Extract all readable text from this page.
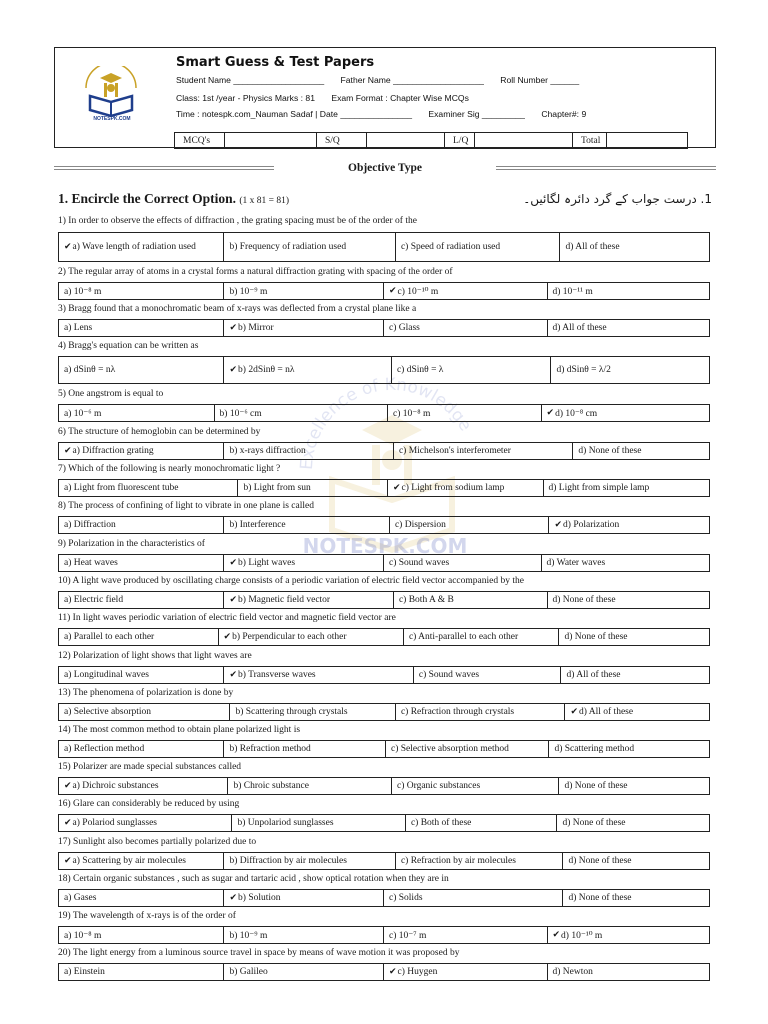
NOTESPK.COM
Smart Guess & Test Papers
Student Name ___________________ Father Name ___________________ Roll Number ______
Class: 1st /year - Physics Marks : 81 Exam Format : Chapter Wise MCQs
Time : notespk.com_Nauman Sadaf | Date _______________ Examiner Sig _________ Chapter#: 9
MCQ's		S/Q		L/Q		Total	
Objective Type
1. Encircle the Correct Option. (1 x 81 = 81)	1. درست جواب کے گرد دائرہ لگائیں۔
Excellence of Knowledge
NOTESPK.COM
1) In order to observe the effects of diffraction , the grating spacing must be of the order of the
✔ a) Wave length of radiation used	b) Frequency of radiation used	c) Speed of radiation used	d) All of these
2) The regular array of atoms in a crystal forms a natural diffraction grating with spacing of the order of
a) 10⁻⁸ m	b) 10⁻⁹ m	✔ c) 10⁻¹⁰ m	d) 10⁻¹¹ m
3) Bragg found that a monochromatic beam of x-rays was deflected from a crystal plane like a
a) Lens	✔ b) Mirror	c) Glass	d) All of these
4) Bragg's equation can be written as
a) dSinθ = nλ	✔ b) 2dSinθ = nλ	c) dSinθ = λ	d) dSinθ = λ/2
5) One angstrom is equal to
a) 10⁻⁶ m	b) 10⁻⁶ cm	c) 10⁻⁸ m	✔ d) 10⁻⁸ cm
6) The structure of hemoglobin can be determined by
✔ a) Diffraction grating	b) x-rays diffraction	c) Michelson's interferometer	d) None of these
7) Which of the following is nearly monochromatic light ?
a) Light from fluorescent tube	b) Light from sun	✔ c) Light from sodium lamp	d) Light from simple lamp
8) The process of confining of light to vibrate in one plane is called
a) Diffraction	b) Interference	c) Dispersion	✔ d) Polarization
9) Polarization in the characteristics of
a) Heat waves	✔ b) Light waves	c) Sound waves	d) Water waves
10) A light wave produced by oscillating charge consists of a periodic variation of electric field vector accompanied by the
a) Electric field	✔ b) Magnetic field vector	c) Both A & B	d) None of these
11) In light waves periodic variation of electric field vector and magnetic field vector are
a) Parallel to each other	✔ b) Perpendicular to each other	c) Anti-parallel to each other	d) None of these
12) Polarization of light shows that light waves are
a) Longitudinal waves	✔ b) Transverse waves	c) Sound waves	d) All of these
13) The phenomena of polarization is done by
a) Selective absorption	b) Scattering through crystals	c) Refraction through crystals	✔ d) All of these
14) The most common method to obtain plane polarized light is
a) Reflection method	b) Refraction method	c) Selective absorption method	d) Scattering method
15) Polarizer are made special substances called
✔ a) Dichroic substances	b) Chroic substance	c) Organic substances	d) None of these
16) Glare can considerably be reduced by using
✔ a) Polariod sunglasses	b) Unpolariod sunglasses	c) Both of these	d) None of these
17) Sunlight also becomes partially polarized due to
✔ a) Scattering by air molecules	b) Diffraction by air molecules	c) Refraction by air molecules	d) None of these
18) Certain organic substances , such as sugar and tartaric acid , show optical rotation when they are in
a) Gases	✔ b) Solution	c) Solids	d) None of these
19) The wavelength of x-rays is of the order of
a) 10⁻⁸ m	b) 10⁻⁹ m	c) 10⁻⁷ m	✔ d) 10⁻¹⁰ m
20) The light energy from a luminous source travel in space by means of wave motion it was proposed by
a) Einstein	b) Galileo	✔ c) Huygen	d) Newton
